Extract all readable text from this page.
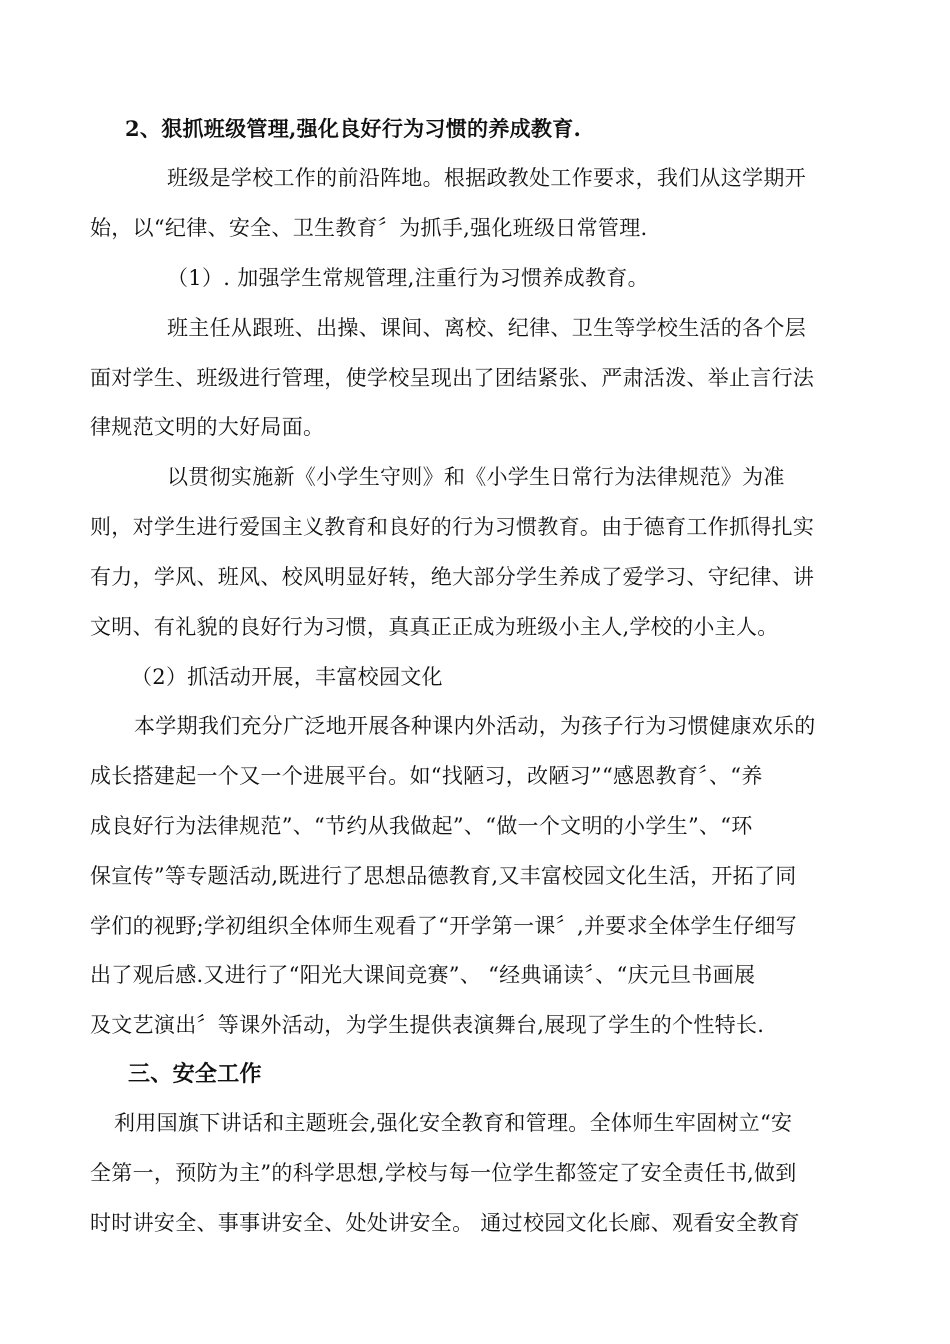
2、狠抓班级管理,强化良好行为习惯的养成教育.
班级是学校工作的前沿阵地。根据政教处工作要求，我们从这学期开
始，以“纪律、安全、卫生教育〞为抓手,强化班级日常管理.
（1）. 加强学生常规管理,注重行为习惯养成教育。
班主任从跟班、出操、课间、离校、纪律、卫生等学校生活的各个层
面对学生、班级进行管理，使学校呈现出了团结紧张、严肃活泼、举止言行法
律规范文明的大好局面。
以贯彻实施新《小学生守则》和《小学生日常行为法律规范》为准
则，对学生进行爱国主义教育和良好的行为习惯教育。由于德育工作抓得扎实
有力，学风、班风、校风明显好转，绝大部分学生养成了爱学习、守纪律、讲
文明、有礼貌的良好行为习惯，真真正正成为班级小主人,学校的小主人。
（2）抓活动开展，丰富校园文化
本学期我们充分广泛地开展各种课内外活动，为孩子行为习惯健康欢乐的
成长搭建起一个又一个进展平台。如“找陋习，改陋习”“感恩教育〞、“养
成良好行为法律规范”、“节约从我做起”、“做一个文明的小学生”、“环
保宣传”等专题活动,既进行了思想品德教育,又丰富校园文化生活，开拓了同
学们的视野;学初组织全体师生观看了“开学第一课〞,并要求全体学生仔细写
出了观后感.又进行了“阳光大课间竞赛”、 “经典诵读〞、“庆元旦书画展
及文艺演出〞等课外活动，为学生提供表演舞台,展现了学生的个性特长.
三、安全工作
利用国旗下讲话和主题班会,强化安全教育和管理。全体师生牢固树立“安
全第一，预防为主”的科学思想,学校与每一位学生都签定了安全责任书,做到
时时讲安全、事事讲安全、处处讲安全。 通过校园文化长廊、观看安全教育
